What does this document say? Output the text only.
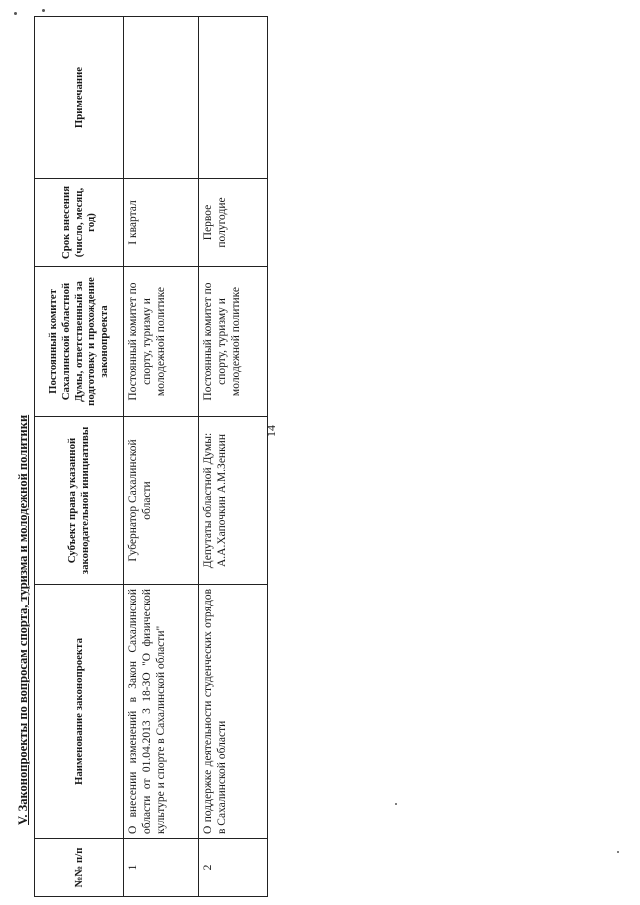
V. Законопроекты по вопросам спорта, туризма и молодежной политики
№№ п/п	Наименование законопроекта	Субъект права указанной законодательной инициативы	Постоянный комитет Сахалинской областной Думы, ответственный за подготовку и прохождение законопроекта	Срок внесения (число, месяц, год)	Примечание
1	О внесении изменений в Закон Сахалинской области от 01.04.2013 3 18-ЗО "О физической культуре и спорте в Сахалинской области"	Губернатор Сахалинской области	Постоянный комитет по спорту, туризму и молодежной политике	I квартал	
2	О поддержке деятельности студенческих отрядов в Сахалинской области	Депутаты областной Думы: А.А.Хапочкин А.М.Зенкин	Постоянный комитет по спорту, туризму и молодежной политике	Первое полугодие	
14
